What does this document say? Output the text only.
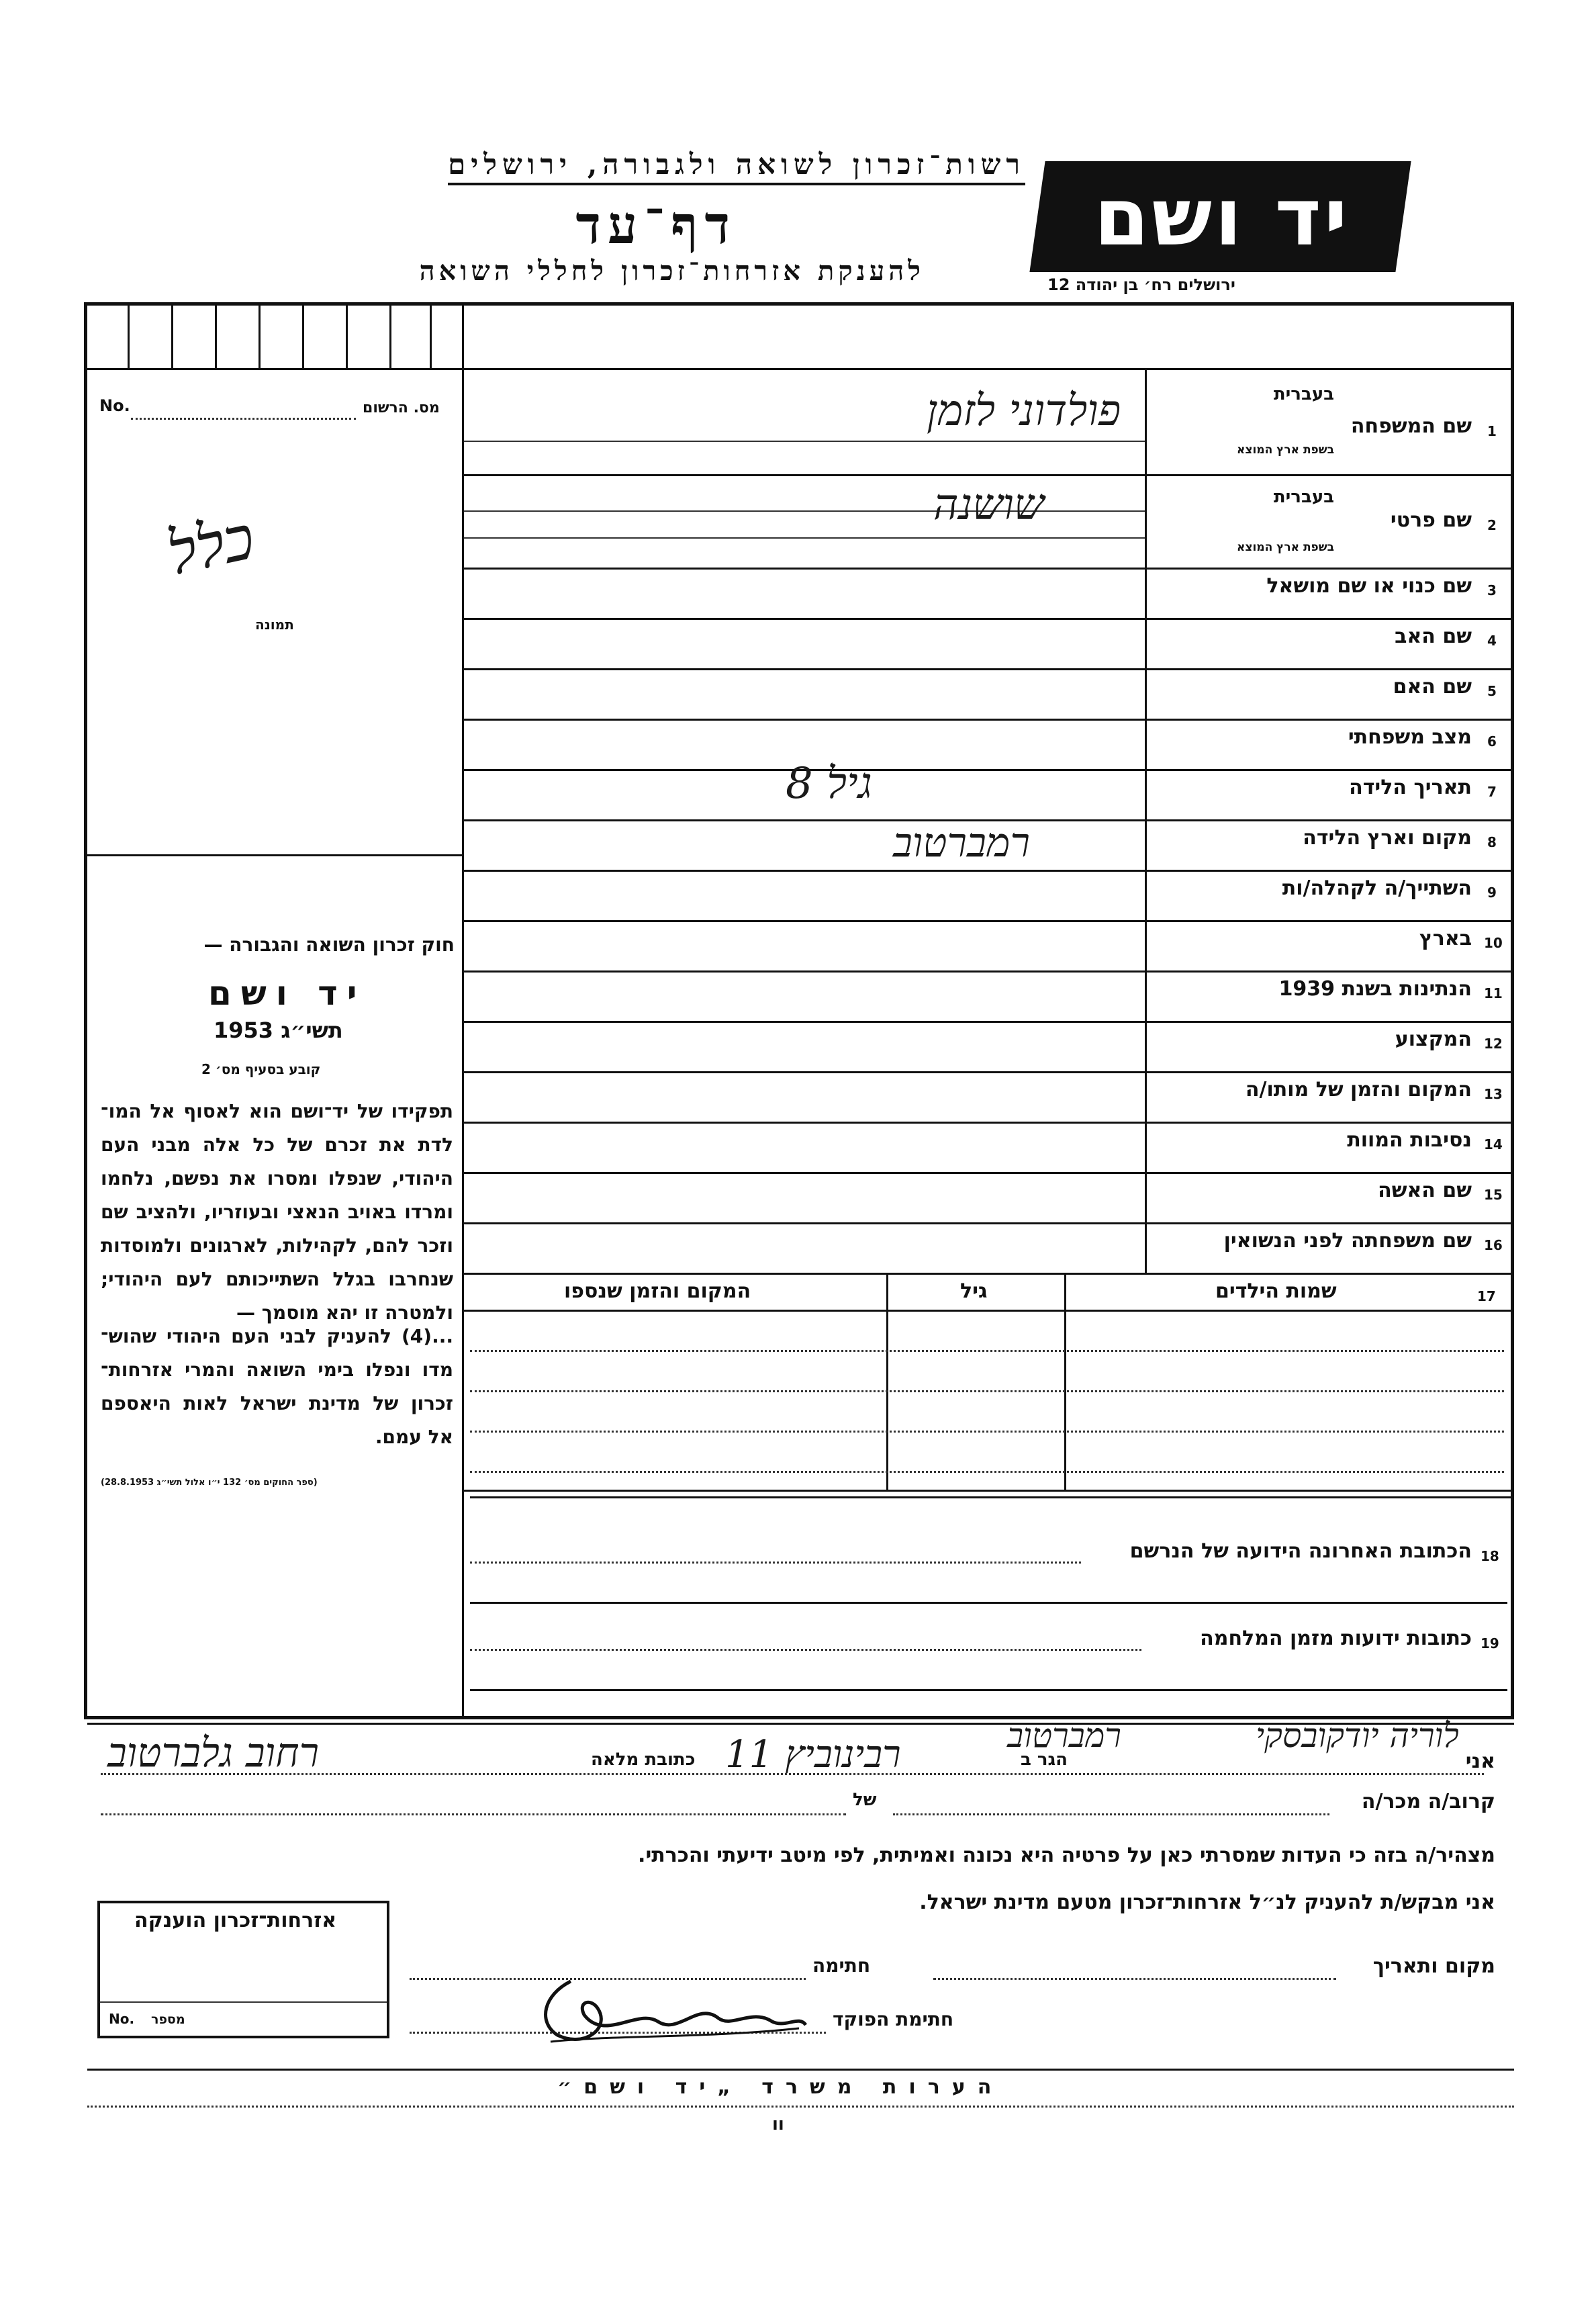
רשות־זכרון לשואה ולגבורה, ירושלים
דף־עד
להענקת אזרחות־זכרון לחללי השואה
יד ושם
ירושלים רח׳ בן יהודה 12
מס. הרשום
No.
כלל
תמונה
חוק זכרון השואה והגבורה —
יד ושם
תשי״ג 1953
קובע בסעיף מס׳ 2
תפקידו של יד־ושם הוא לאסוף אל המו־ לדת את זכרם של כל אלה מבני העם היהודי, שנפלו ומסרו את נפשם, נלחמו ומרדו באויב הנאצי ובעוזריו, ולהציב שם וזכר להם, לקהילות, לארגונים ולמוסדות שנחרבו בגלל השתייכותם לעם היהודי; ולמטרה זו יהא מוסמך —
...(4) להעניק לבני העם היהודי שהוש־ מדו ונפלו בימי השואה והמרי אזרחות־ זכרון של מדינת ישראל לאות היאספם אל עמם.
(ספר החוקים מס׳ 132 י״ו אלול תשי״ג 28.8.1953)
1
שם המשפחה
בעברית
בשפת ארץ המוצא
פולדוני לזמן
2
שם פרטי
בעברית
בשפת ארץ המוצא
שושנה
3
שם כנוי או שם מושאל
4
שם האב
5
שם האם
6
מצב משפחתי
7
תאריך הלידה
גיל 8
8
מקום וארץ הלידה
רמברטוב
9
השתייך/ה לקהלה/ות
10
בארץ
11
הנתינות בשנת 1939
12
המקצוע
13
המקום והזמן של מותו/ה
14
נסיבות המוות
15
שם האשה
16
שם משפחתה לפני הנשואין
17
שמות הילדים
גיל
המקום והזמן שנספו
18
הכתובת האחרונה הידועה של הנרשם
19
כתובות ידועות מזמן המלחמה
אני
לוריה יודקובסקי
רמברטוב
הגר ב
רבינוביץ 11
כתובת מלאה
רחוב גלברטוב
קרוב/ה מכר/ה
של
מצהיר/ה בזה כי העדות שמסרתי כאן על פרטיה היא נכונה ואמיתית, לפי מיטב ידיעתי והכרתי.
אני מבקש/ת להעניק לנ״ל אזרחות־זכרון מטעם מדינת ישראל.
מקום ותאריך
חתימה
חתימת הפוקד
אזרחות־זכרון הוענקה
מספר
No.
הערות משרד „יד ושם״
וו
